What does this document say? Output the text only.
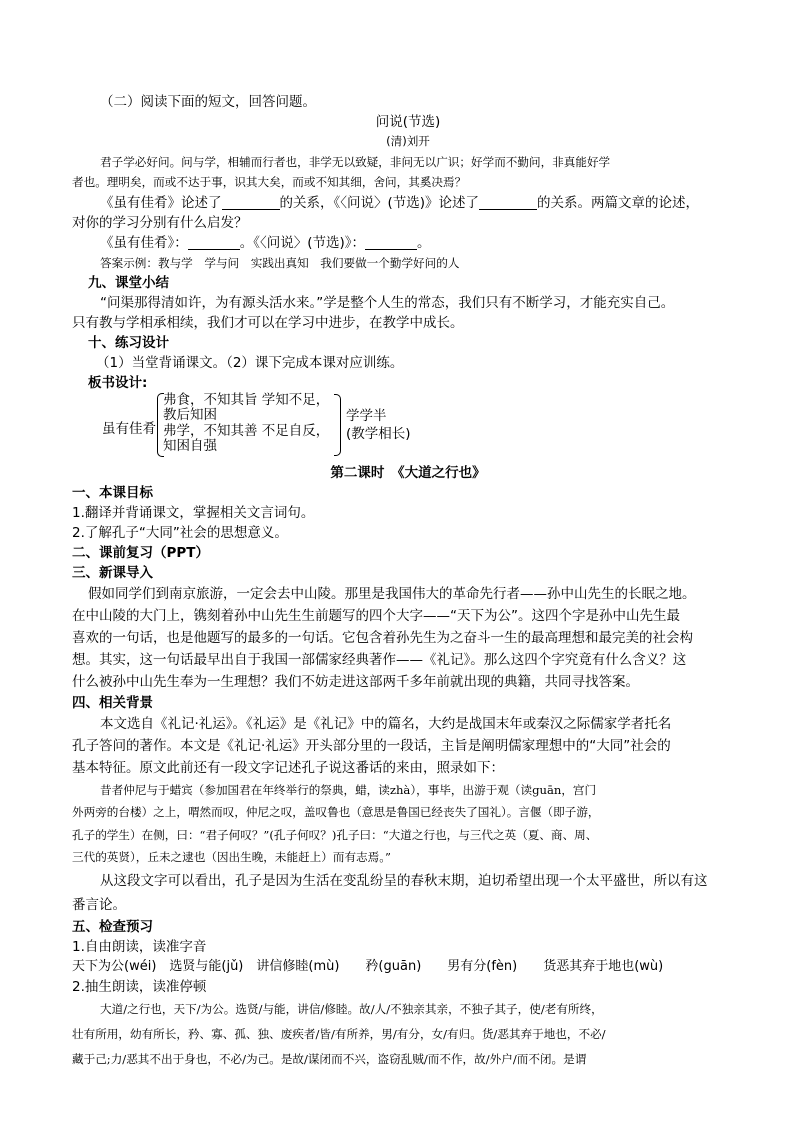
（二）阅读下面的短文，回答问题。

问说(节选)

(清)刘开

君子学必好问。问与学，相辅而行者也，非学无以致疑，非问无以广识；好学而不勤问，非真能好学

者也。理明矣，而或不达于事，识其大矣，而或不知其细，舍问，其奚决焉？

《虽有佳肴》论述了	的关系，《〈问说〉(节选)》论述了	的关系。两篇文章的论述，

对你的学习分别有什么启发？

《虽有佳肴》：	。《〈问说〉(节选)》：	。

答案示例：教与学　学与问　实践出真知　我们要做一个勤学好问的人

九、课堂小结

“问渠那得清如许，为有源头活水来。”学是整个人生的常态，我们只有不断学习，才能充实自己。

只有教与学相承相续，我们才可以在学习中进步，在教学中成长。

十、练习设计

（1）当堂背诵课文。（2）课下完成本课对应训练。

板书设计:

虽有佳肴
弗食，不知其旨 学知不足，
教后知困
弗学，不知其善 不足自反，
知困自强
学学半
(教学相长)

第二课时　《大道之行也》

一、本课目标

1.翻译并背诵课文，掌握相关文言词句。

2.了解孔子“大同”社会的思想意义。

二、课前复习（PPT）

三、新课导入

假如同学们到南京旅游，一定会去中山陵。那里是我国伟大的革命先行者——孙中山先生的长眠之地。

在中山陵的大门上，镌刻着孙中山先生生前题写的四个大字——“天下为公”。这四个字是孙中山先生最

喜欢的一句话，也是他题写的最多的一句话。它包含着孙先生为之奋斗一生的最高理想和最完美的社会构

想。其实，这一句话最早出自于我国一部儒家经典著作——《礼记》。那么这四个字究竟有什么含义？这

什么被孙中山先生奉为一生理想？我们不妨走进这部两千多年前就出现的典籍，共同寻找答案。

四、相关背景

本文选自《礼记·礼运》。《礼运》是《礼记》中的篇名，大约是战国末年或秦汉之际儒家学者托名

孔子答问的著作。本文是《礼记·礼运》开头部分里的一段话，主旨是阐明儒家理想中的“大同”社会的

基本特征。原文此前还有一段文字记述孔子说这番话的来由，照录如下：

昔者仲尼与于蜡宾（参加国君在年终举行的祭典，蜡，读zhà），事毕，出游于观（读guān，宫门

外两旁的台楼）之上，喟然而叹，仲尼之叹，盖叹鲁也（意思是鲁国已经丧失了国礼）。言偃（即子游，

孔子的学生）在侧，曰：“君子何叹？”(孔子何叹？)孔子曰：“大道之行也，与三代之英（夏、商、周、

三代的英贤），丘未之逮也（因出生晚，未能赶上）而有志焉。”

从这段文字可以看出，孔子是因为生活在变乱纷呈的春秋末期，迫切希望出现一个太平盛世，所以有这

番言论。

五、检查预习

1.自由朗读，读准字音

天下为公(wéi)　选贤与能(jǔ)　讲信修睦(mù)　　矜(guān)　　男有分(fèn)　　货恶其弃于地也(wù)

2.抽生朗读，读准停顿

大道/之行也，天下/为公。选贤/与能，讲信/修睦。故/人/不独亲其亲，不独子其子，使/老有所终，

壮有所用，幼有所长，矜、寡、孤、独、废疾者/皆/有所养，男/有分，女/有归。货/恶其弃于地也，不必/

藏于己;力/恶其不出于身也，不必/为己。是故/谋闭而不兴，盗窃乱贼/而不作，故/外户/而不闭。是谓
